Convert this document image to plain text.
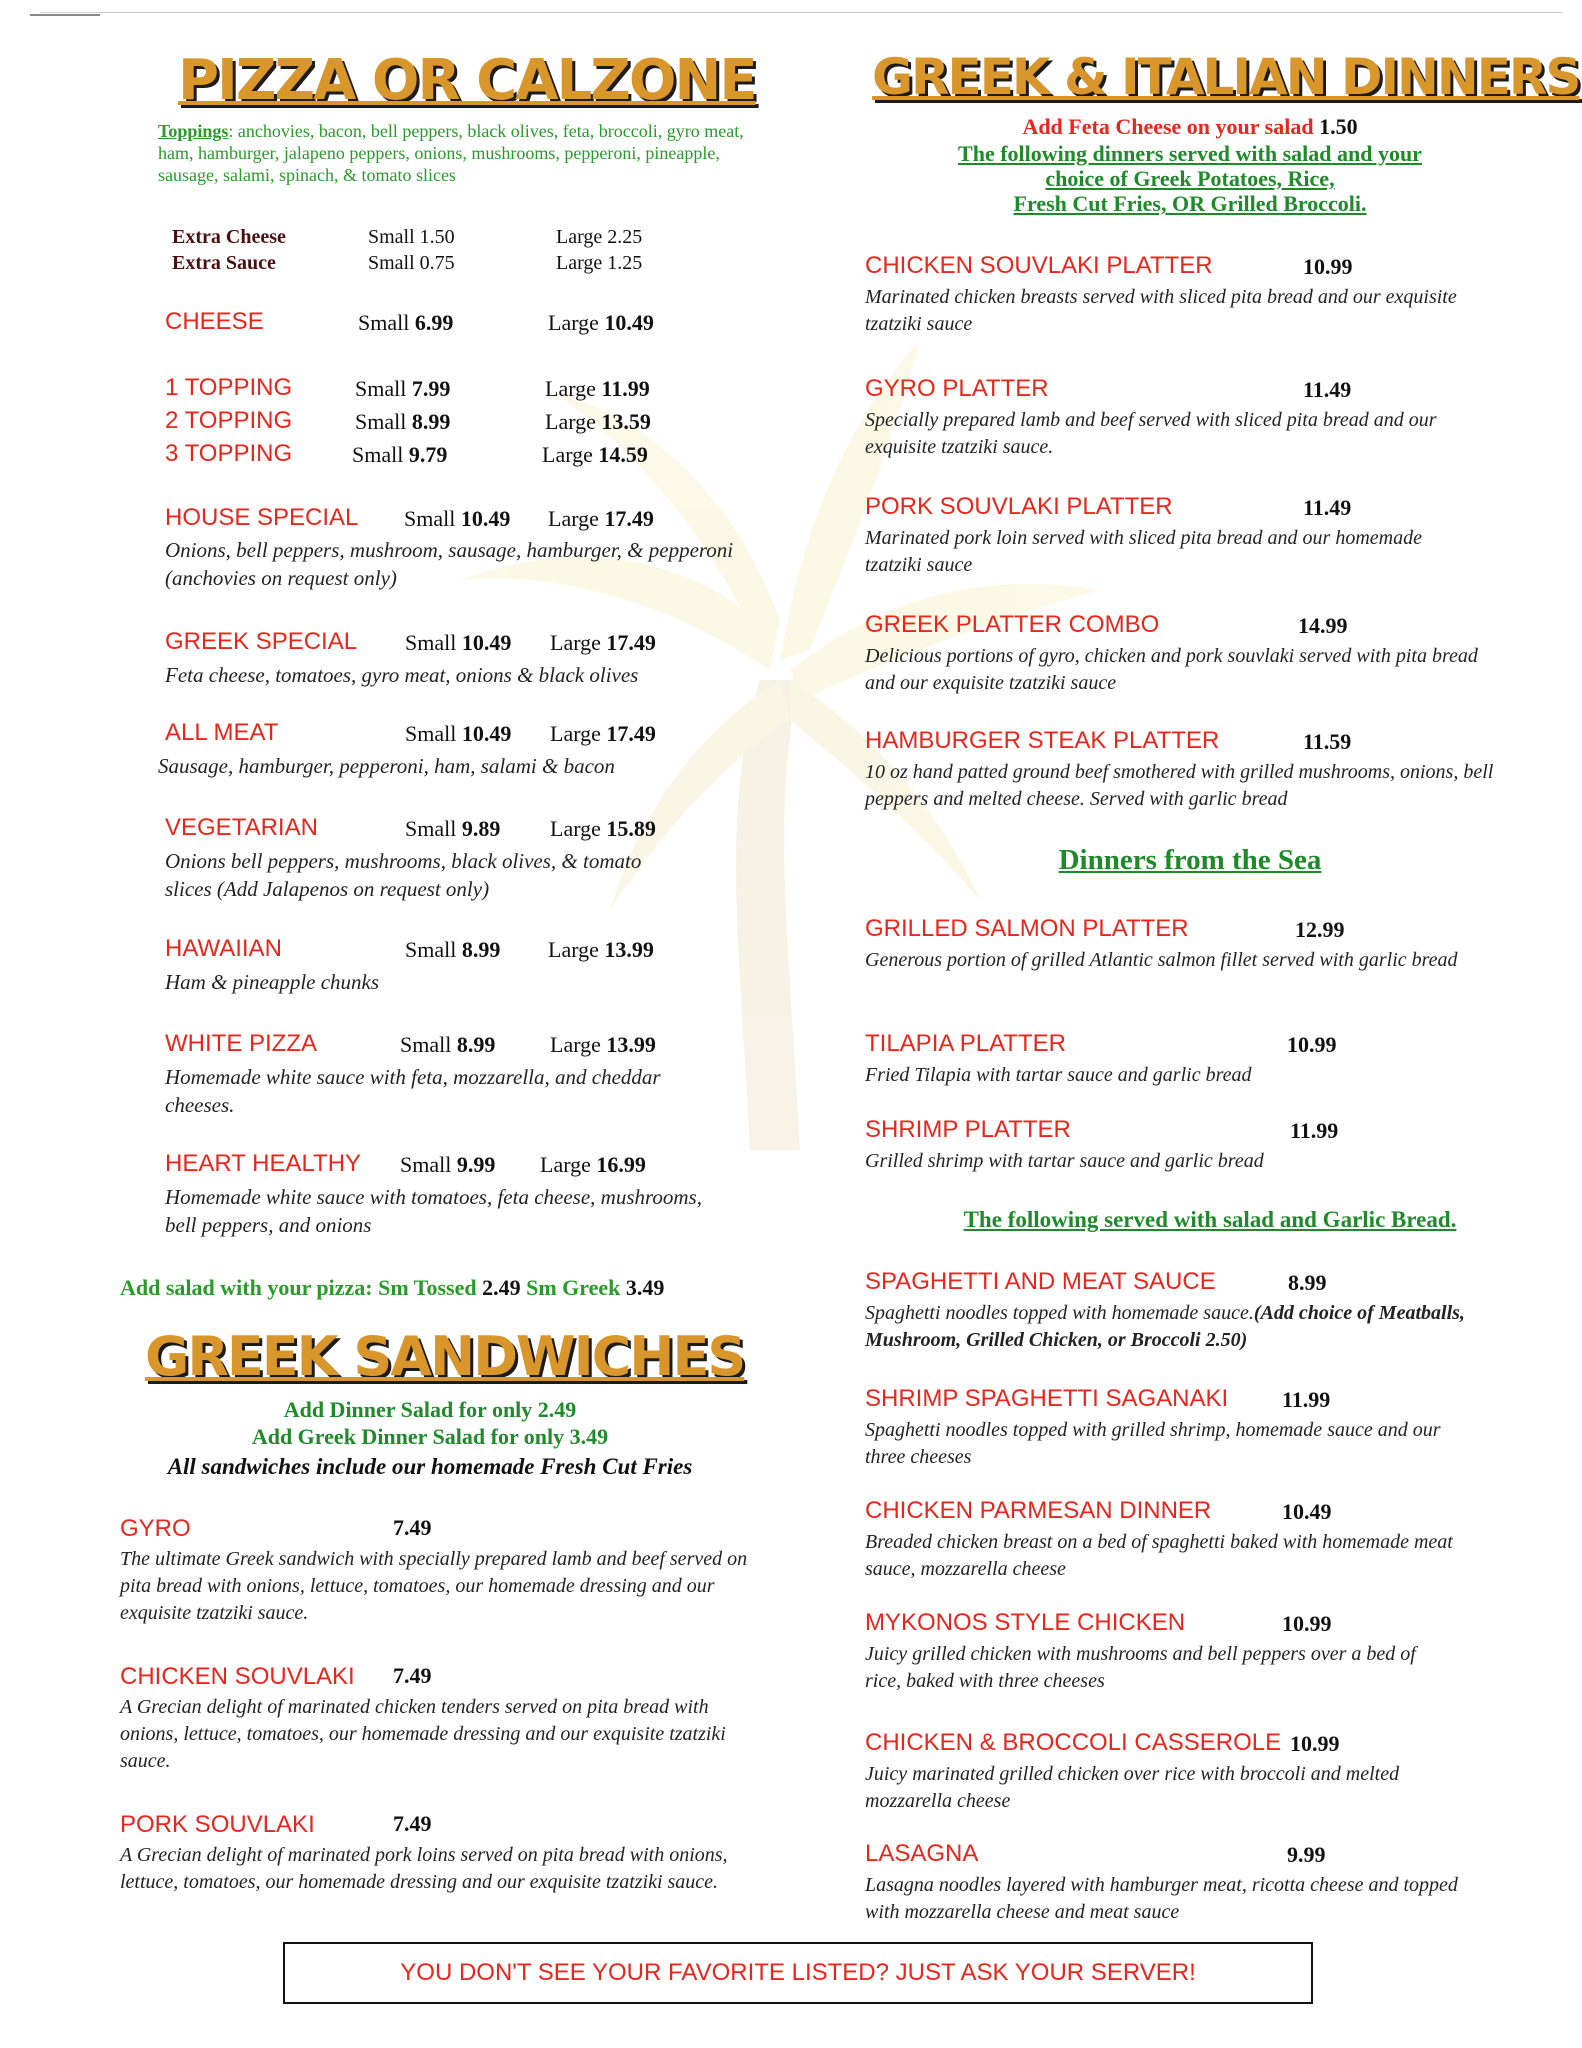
PIZZA OR CALZONE
Toppings: anchovies, bacon, bell peppers, black olives, feta, broccoli, gyro meat, ham, hamburger, jalapeno peppers, onions, mushrooms, pepperoni, pineapple, sausage, salami, spinach, & tomato slices
Extra Cheese	Small 1.50	Large 2.25
Extra Sauce	Small 0.75	Large 1.25
CHEESE	Small 6.99	Large 10.49
1 TOPPING	Small 7.99	Large 11.99
2 TOPPING	Small 8.99	Large 13.59
3 TOPPING	Small 9.79	Large 14.59
HOUSE SPECIAL Small 10.49 Large 17.49
Onions, bell peppers, mushroom, sausage, hamburger, & pepperoni (anchovies on request only)
GREEK SPECIAL Small 10.49 Large 17.49
Feta cheese, tomatoes, gyro meat, onions & black olives
ALL MEAT	Small 10.49 Large 17.49
Sausage, hamburger, pepperoni, ham, salami & bacon
VEGETARIAN	Small 9.89 Large 15.89
Onions bell peppers, mushrooms, black olives, & tomato slices (Add Jalapenos on request only)
HAWAIIAN	Small 8.99 Large 13.99
Ham & pineapple chunks
WHITE PIZZA	Small 8.99 Large 13.99
Homemade white sauce with feta, mozzarella, and cheddar cheeses.
HEART HEALTHY Small 9.99 Large 16.99
Homemade white sauce with tomatoes, feta cheese, mushrooms, bell peppers, and onions
Add salad with your pizza: Sm Tossed 2.49 Sm Greek 3.49
GREEK SANDWICHES
Add Dinner Salad for only 2.49
Add Greek Dinner Salad for only 3.49
All sandwiches include our homemade Fresh Cut Fries
GYRO	7.49
The ultimate Greek sandwich with specially prepared lamb and beef served on pita bread with onions, lettuce, tomatoes, our homemade dressing and our exquisite tzatziki sauce.
CHICKEN SOUVLAKI 7.49
A Grecian delight of marinated chicken tenders served on pita bread with onions, lettuce, tomatoes, our homemade dressing and our exquisite tzatziki sauce.
PORK SOUVLAKI	7.49
A Grecian delight of marinated pork loins served on pita bread with onions, lettuce, tomatoes, our homemade dressing and our exquisite tzatziki sauce.
GREEK & ITALIAN DINNERS
Add Feta Cheese on your salad 1.50
The following dinners served with salad and your
choice of Greek Potatoes, Rice,
Fresh Cut Fries, OR Grilled Broccoli.
CHICKEN SOUVLAKI PLATTER	10.99
Marinated chicken breasts served with sliced pita bread and our exquisite tzatziki sauce
GYRO PLATTER	11.49
Specially prepared lamb and beef served with sliced pita bread and our exquisite tzatziki sauce.
PORK SOUVLAKI PLATTER	11.49
Marinated pork loin served with sliced pita bread and our homemade tzatziki sauce
GREEK PLATTER COMBO	14.99
Delicious portions of gyro, chicken and pork souvlaki served with pita bread and our exquisite tzatziki sauce
HAMBURGER STEAK PLATTER	11.59
10 oz hand patted ground beef smothered with grilled mushrooms, onions, bell peppers and melted cheese. Served with garlic bread
Dinners from the Sea
GRILLED SALMON PLATTER	12.99
Generous portion of grilled Atlantic salmon fillet served with garlic bread
TILAPIA PLATTER	10.99
Fried Tilapia with tartar sauce and garlic bread
SHRIMP PLATTER	11.99
Grilled shrimp with tartar sauce and garlic bread
The following served with salad and Garlic Bread.
SPAGHETTI AND MEAT SAUCE	8.99
Spaghetti noodles topped with homemade sauce.(Add choice of Meatballs, Mushroom, Grilled Chicken, or Broccoli 2.50)
SHRIMP SPAGHETTI SAGANAKI 11.99
Spaghetti noodles topped with grilled shrimp, homemade sauce and our three cheeses
CHICKEN PARMESAN DINNER	10.49
Breaded chicken breast on a bed of spaghetti baked with homemade meat sauce, mozzarella cheese
MYKONOS STYLE CHICKEN	10.99
Juicy grilled chicken with mushrooms and bell peppers over a bed of rice, baked with three cheeses
CHICKEN & BROCCOLI CASSEROLE 10.99
Juicy marinated grilled chicken over rice with broccoli and melted mozzarella cheese
LASAGNA	9.99
Lasagna noodles layered with hamburger meat, ricotta cheese and topped with mozzarella cheese and meat sauce
YOU DON'T SEE YOUR FAVORITE LISTED? JUST ASK YOUR SERVER!
